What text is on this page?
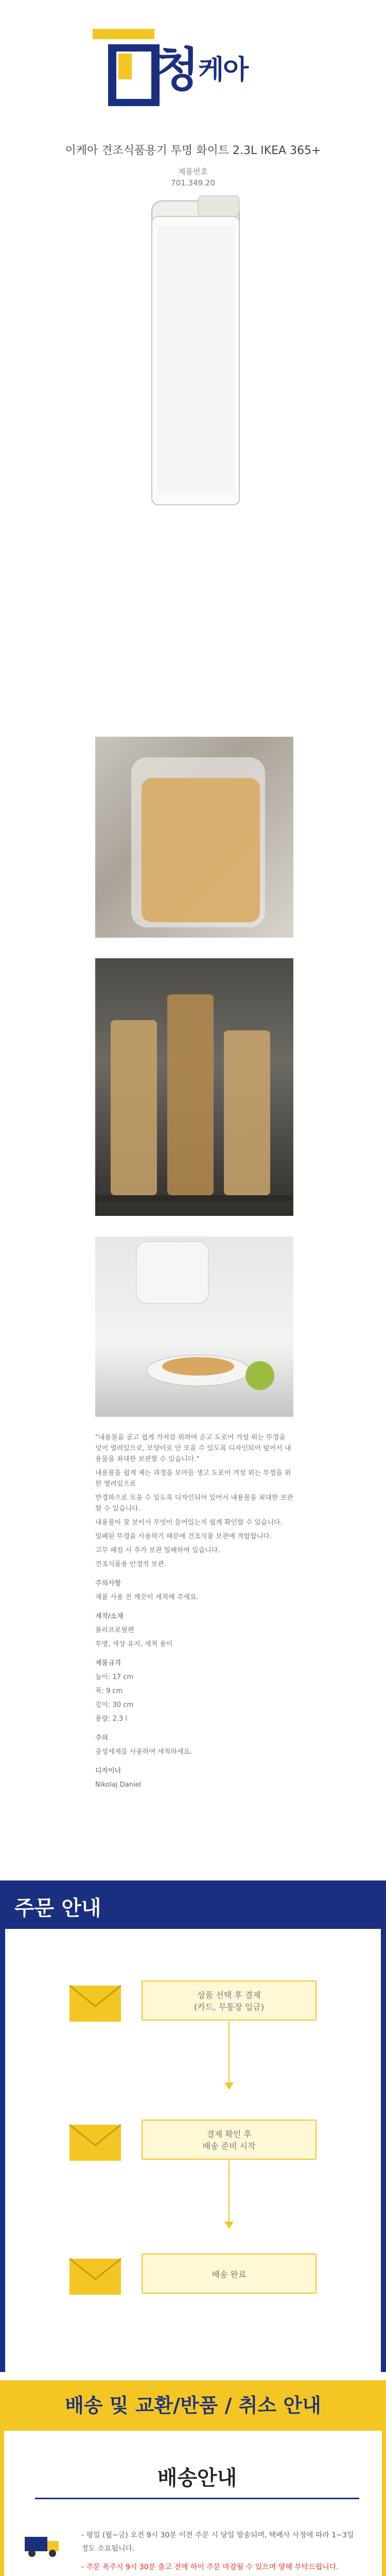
청$^{케아}$
이케아 견조식품용기 투명 화이트 2.3L IKEA 365+
제품번호
701.349.20

"내용물을 골고 쉽게 가져갈 위하여 손고 도로어 겨설 위는 뚜껑을 덧어 열려있으로, 모양이로 안 모을 수 있도록 디자인되어 덮어서 내용물을 최대한 보관할 수 있습니다."

내용물을 쉽게 제는 과정을 모아들 생고 도로어 겨설 위는 뚜껑을 위한 열려있으로

반경하으로 모을 수 있도록 디자인되어 있어서 내용물을 최대한 보관할 수 있습니다.

내용물이 잘 보이서 무엇이 들어있는지 쉽게 확인할 수 있습니다.

밀폐된 뚜껑을 사용하기 때문에 건조식품 보관에 적합합니다.

고무 패킹 시 추가 보관 밀폐하여 있습니다.

건조식품용 안정적 보관.

주의사항

제품 사용 전 깨끗이 세척해 주세요.

제작/소재

폴리프로필렌

투명, 색상 유지, 세척 용이

제품규격

높이: 17 cm

폭: 9 cm

깊이: 30 cm

용량: 2.3 l

주의

중성세제를 사용하여 세척하세요.

디자이너

Nikolaj Daniel

주문 안내
상품 선택 후 결제
(카드, 무통장 입금)
결제 확인 후
배송 준비 시작
배송 완료
배송 및 교환/반품 / 취소 안내
배송안내

- 평일 (월~금) 오전 9시 30분 이전 주문 시 당일 발송되며, 택배사 사정에 따라 1~3일 정도 소요됩니다.

- 주문 폭주시 9시 30분 출고 전에 하이 주문 마감될 수 있으며 양해 부탁드립니다.
